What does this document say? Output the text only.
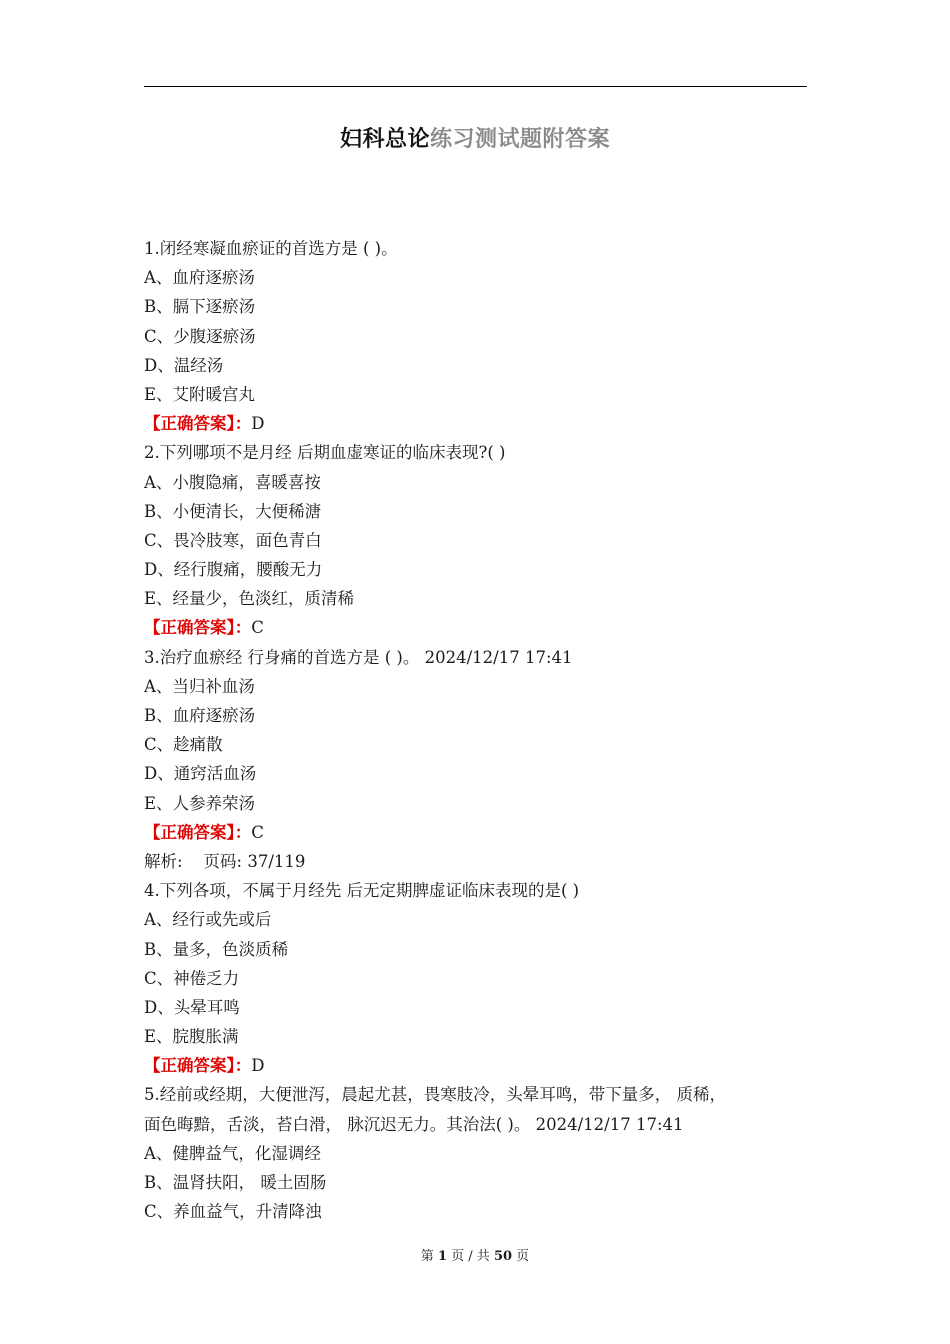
妇科总论练习测试题附答案
1.闭经寒凝血瘀证的首选方是 ( )。
A、血府逐瘀汤
B、膈下逐瘀汤
C、少腹逐瘀汤
D、温经汤
E、艾附暖宫丸
【正确答案】：D
2.下列哪项不是月经 后期血虚寒证的临床表现?( )
A、小腹隐痛，喜暖喜按
B、小便清长，大便稀溏
C、畏冷肢寒，面色青白
D、经行腹痛，腰酸无力
E、经量少，色淡红，质清稀
【正确答案】：C
3.治疗血瘀经 行身痛的首选方是 ( )。 2024/12/17 17:41
A、当归补血汤
B、血府逐瘀汤
C、趁痛散
D、通窍活血汤
E、人参养荣汤
【正确答案】：C
解析:    页码: 37/119
4.下列各项，不属于月经先 后无定期脾虚证临床表现的是( )
A、经行或先或后
B、量多，色淡质稀
C、神倦乏力
D、头晕耳鸣
E、脘腹胀满
【正确答案】：D
5.经前或经期，大便泄泻，晨起尤甚，畏寒肢冷，头晕耳鸣，带下量多， 质稀，
面色晦黯，舌淡，苔白滑， 脉沉迟无力。其治法( )。 2024/12/17 17:41
A、健脾益气，化湿调经
B、温肾扶阳， 暖土固肠
C、养血益气，升清降浊
第 1 页 / 共 50 页
